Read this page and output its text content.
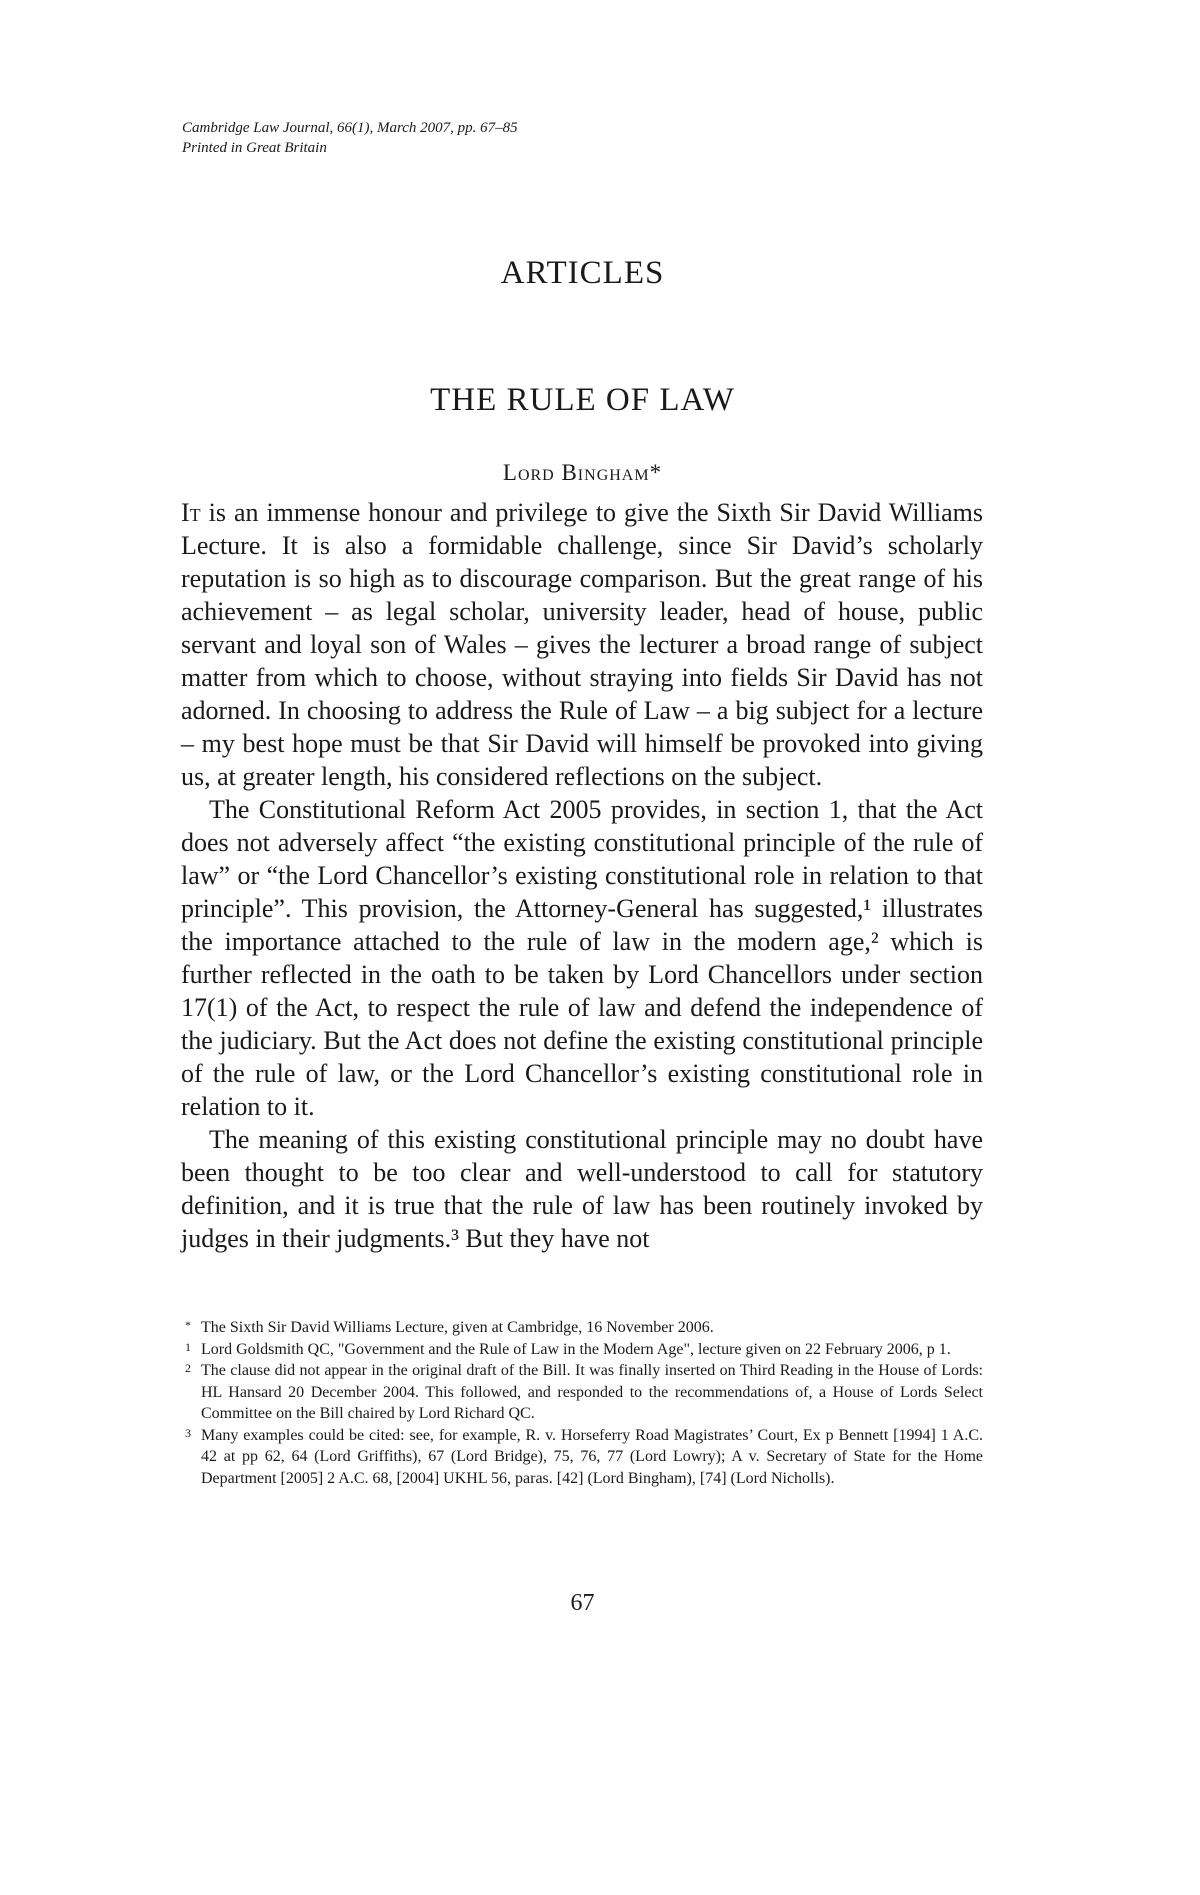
Cambridge Law Journal, 66(1), March 2007, pp. 67–85
Printed in Great Britain
ARTICLES
THE RULE OF LAW
Lord Bingham*

It is an immense honour and privilege to give the Sixth Sir David Williams Lecture. It is also a formidable challenge, since Sir David’s scholarly reputation is so high as to discourage comparison. But the great range of his achievement – as legal scholar, university leader, head of house, public servant and loyal son of Wales – gives the lecturer a broad range of subject matter from which to choose, without straying into fields Sir David has not adorned. In choosing to address the Rule of Law – a big subject for a lecture – my best hope must be that Sir David will himself be provoked into giving us, at greater length, his considered reflections on the subject.

The Constitutional Reform Act 2005 provides, in section 1, that the Act does not adversely affect “the existing constitutional principle of the rule of law” or “the Lord Chancellor’s existing constitutional role in relation to that principle”. This provision, the Attorney-General has suggested,¹ illustrates the importance attached to the rule of law in the modern age,² which is further reflected in the oath to be taken by Lord Chancellors under section 17(1) of the Act, to respect the rule of law and defend the independence of the judiciary. But the Act does not define the existing constitutional principle of the rule of law, or the Lord Chancellor’s existing constitutional role in relation to it.

The meaning of this existing constitutional principle may no doubt have been thought to be too clear and well-understood to call for statutory definition, and it is true that the rule of law has been routinely invoked by judges in their judgments.³ But they have not

* The Sixth Sir David Williams Lecture, given at Cambridge, 16 November 2006.

1 Lord Goldsmith QC, "Government and the Rule of Law in the Modern Age", lecture given on 22 February 2006, p 1.

2 The clause did not appear in the original draft of the Bill. It was finally inserted on Third Reading in the House of Lords: HL Hansard 20 December 2004. This followed, and responded to the recommendations of, a House of Lords Select Committee on the Bill chaired by Lord Richard QC.

3 Many examples could be cited: see, for example, R. v. Horseferry Road Magistrates’ Court, Ex p Bennett [1994] 1 A.C. 42 at pp 62, 64 (Lord Griffiths), 67 (Lord Bridge), 75, 76, 77 (Lord Lowry); A v. Secretary of State for the Home Department [2005] 2 A.C. 68, [2004] UKHL 56, paras. [42] (Lord Bingham), [74] (Lord Nicholls).

67
